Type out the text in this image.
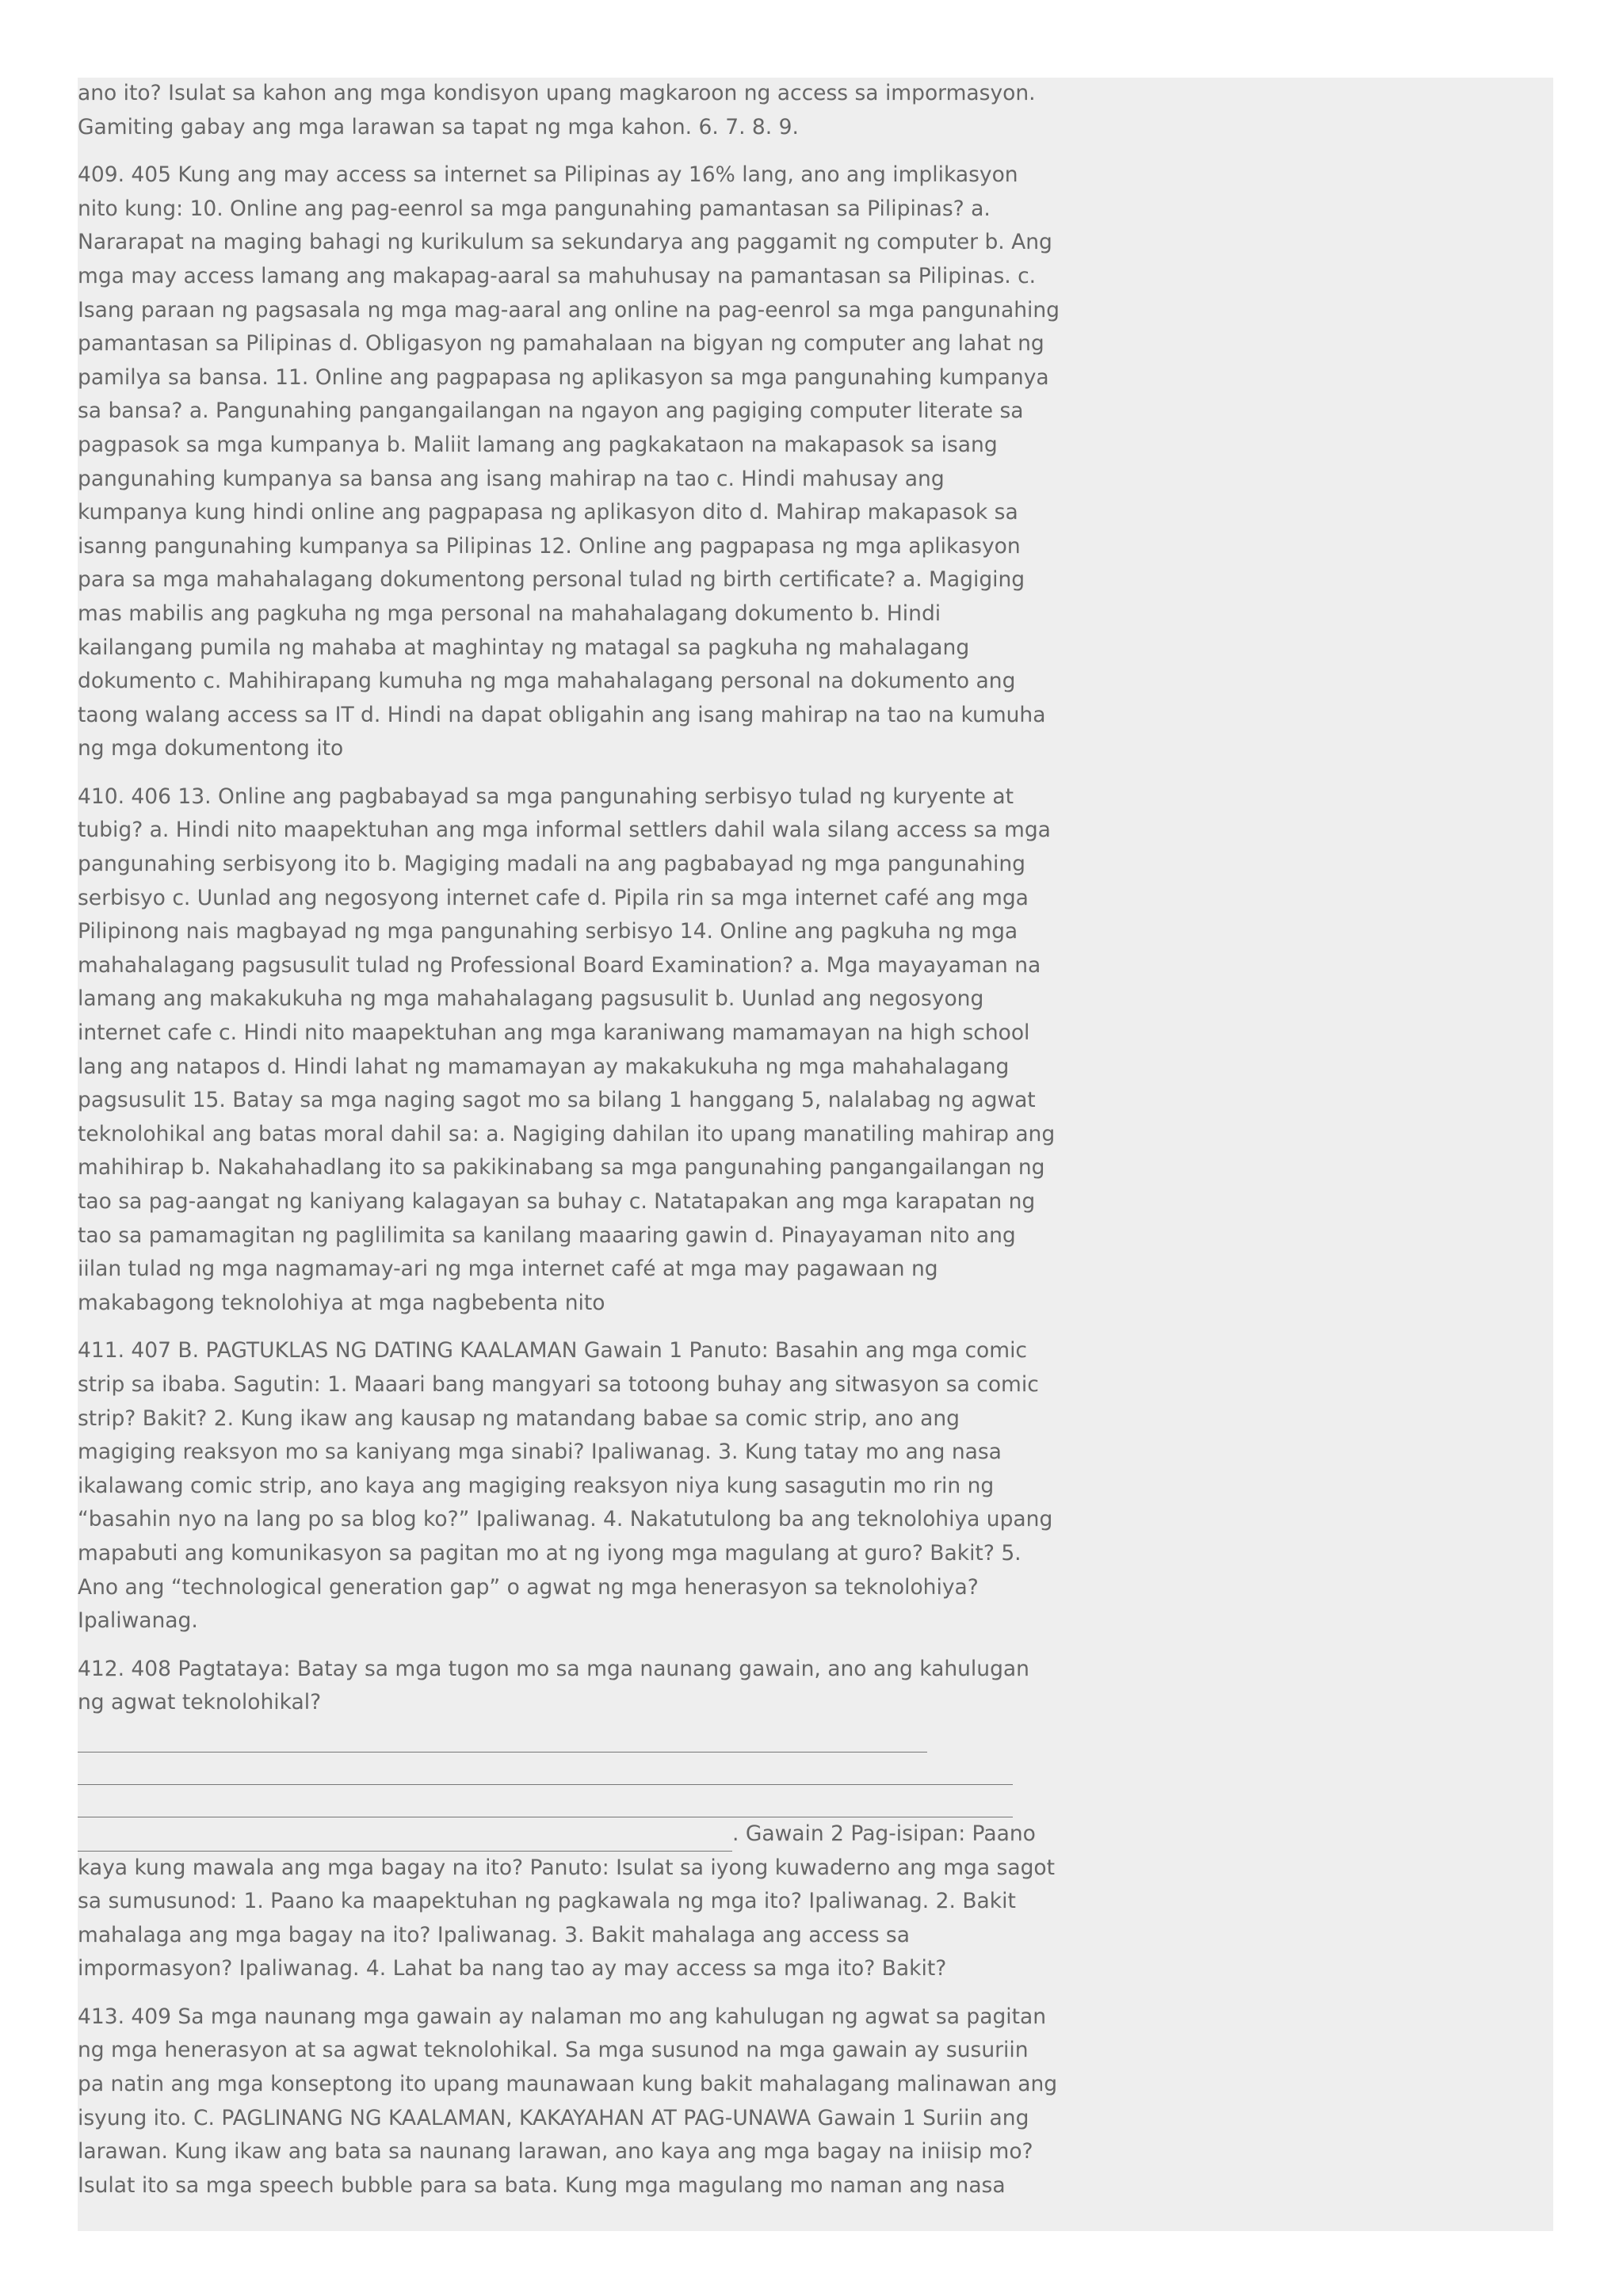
ano ito? Isulat sa kahon ang mga kondisyon upang magkaroon ng access sa impormasyon. Gamiting gabay ang mga larawan sa tapat ng mga kahon. 6. 7. 8. 9.

409. 405 Kung ang may access sa internet sa Pilipinas ay 16% lang, ano ang implikasyon nito kung: 10. Online ang pag-eenrol sa mga pangunahing pamantasan sa Pilipinas? a. Nararapat na maging bahagi ng kurikulum sa sekundarya ang paggamit ng computer b. Ang mga may access lamang ang makapag-aaral sa mahuhusay na pamantasan sa Pilipinas. c. Isang paraan ng pagsasala ng mga mag-aaral ang online na pag-eenrol sa mga pangunahing pamantasan sa Pilipinas d. Obligasyon ng pamahalaan na bigyan ng computer ang lahat ng pamilya sa bansa. 11. Online ang pagpapasa ng aplikasyon sa mga pangunahing kumpanya sa bansa? a. Pangunahing pangangailangan na ngayon ang pagiging computer literate sa pagpasok sa mga kumpanya b. Maliit lamang ang pagkakataon na makapasok sa isang pangunahing kumpanya sa bansa ang isang mahirap na tao c. Hindi mahusay ang kumpanya kung hindi online ang pagpapasa ng aplikasyon dito d. Mahirap makapasok sa isanng pangunahing kumpanya sa Pilipinas 12. Online ang pagpapasa ng mga aplikasyon para sa mga mahahalagang dokumentong personal tulad ng birth certificate? a. Magiging mas mabilis ang pagkuha ng mga personal na mahahalagang dokumento b. Hindi kailangang pumila ng mahaba at maghintay ng matagal sa pagkuha ng mahalagang dokumento c. Mahihirapang kumuha ng mga mahahalagang personal na dokumento ang taong walang access sa IT d. Hindi na dapat obligahin ang isang mahirap na tao na kumuha ng mga dokumentong ito

410. 406 13. Online ang pagbabayad sa mga pangunahing serbisyo tulad ng kuryente at tubig? a. Hindi nito maapektuhan ang mga informal settlers dahil wala silang access sa mga pangunahing serbisyong ito b. Magiging madali na ang pagbabayad ng mga pangunahing serbisyo c. Uunlad ang negosyong internet cafe d. Pipila rin sa mga internet café ang mga Pilipinong nais magbayad ng mga pangunahing serbisyo 14. Online ang pagkuha ng mga mahahalagang pagsusulit tulad ng Professional Board Examination? a. Mga mayayaman na lamang ang makakukuha ng mga mahahalagang pagsusulit b. Uunlad ang negosyong internet cafe c. Hindi nito maapektuhan ang mga karaniwang mamamayan na high school lang ang natapos d. Hindi lahat ng mamamayan ay makakukuha ng mga mahahalagang pagsusulit 15. Batay sa mga naging sagot mo sa bilang 1 hanggang 5, nalalabag ng agwat teknolohikal ang batas moral dahil sa: a. Nagiging dahilan ito upang manatiling mahirap ang mahihirap b. Nakahahadlang ito sa pakikinabang sa mga pangunahing pangangailangan ng tao sa pag-aangat ng kaniyang kalagayan sa buhay c. Natatapakan ang mga karapatan ng tao sa pamamagitan ng paglilimita sa kanilang maaaring gawin d. Pinayayaman nito ang iilan tulad ng mga nagmamay-ari ng mga internet café at mga may pagawaan ng makabagong teknolohiya at mga nagbebenta nito

411. 407 B. PAGTUKLAS NG DATING KAALAMAN Gawain 1 Panuto: Basahin ang mga comic strip sa ibaba. Sagutin: 1. Maaari bang mangyari sa totoong buhay ang sitwasyon sa comic strip? Bakit? 2. Kung ikaw ang kausap ng matandang babae sa comic strip, ano ang magiging reaksyon mo sa kaniyang mga sinabi? Ipaliwanag. 3. Kung tatay mo ang nasa ikalawang comic strip, ano kaya ang magiging reaksyon niya kung sasagutin mo rin ng “basahin nyo na lang po sa blog ko?” Ipaliwanag. 4. Nakatutulong ba ang teknolohiya upang mapabuti ang komunikasyon sa pagitan mo at ng iyong mga magulang at guro? Bakit? 5. Ano ang “technological generation gap” o agwat ng mga henerasyon sa teknolohiya? Ipaliwanag.

412. 408 Pagtataya: Batay sa mga tugon mo sa mga naunang gawain, ano ang kahulugan ng agwat teknolohikal?
. Gawain 2 Pag-isipan: Paano kaya kung mawala ang mga bagay na ito? Panuto: Isulat sa iyong kuwaderno ang mga sagot sa sumusunod: 1. Paano ka maapektuhan ng pagkawala ng mga ito? Ipaliwanag. 2. Bakit mahalaga ang mga bagay na ito? Ipaliwanag. 3. Bakit mahalaga ang access sa impormasyon? Ipaliwanag. 4. Lahat ba nang tao ay may access sa mga ito? Bakit?

413. 409 Sa mga naunang mga gawain ay nalaman mo ang kahulugan ng agwat sa pagitan ng mga henerasyon at sa agwat teknolohikal. Sa mga susunod na mga gawain ay susuriin pa natin ang mga konseptong ito upang maunawaan kung bakit mahalagang malinawan ang isyung ito. C. PAGLINANG NG KAALAMAN, KAKAYAHAN AT PAG-UNAWA Gawain 1 Suriin ang larawan. Kung ikaw ang bata sa naunang larawan, ano kaya ang mga bagay na iniisip mo? Isulat ito sa mga speech bubble para sa bata. Kung mga magulang mo naman ang nasa
